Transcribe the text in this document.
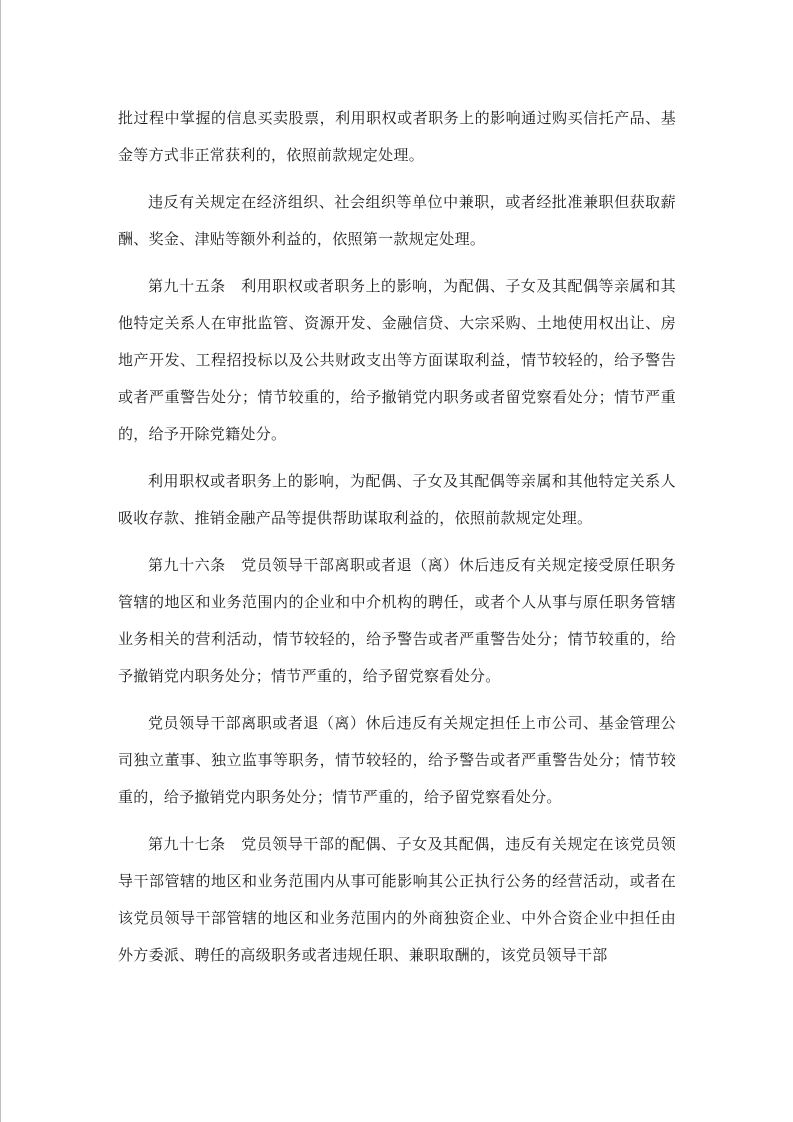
批过程中掌握的信息买卖股票，利用职权或者职务上的影响通过购买信托产品、基金等方式非正常获利的，依照前款规定处理。

违反有关规定在经济组织、社会组织等单位中兼职，或者经批准兼职但获取薪酬、奖金、津贴等额外利益的，依照第一款规定处理。

第九十五条　利用职权或者职务上的影响，为配偶、子女及其配偶等亲属和其他特定关系人在审批监管、资源开发、金融信贷、大宗采购、土地使用权出让、房地产开发、工程招投标以及公共财政支出等方面谋取利益，情节较轻的，给予警告或者严重警告处分；情节较重的，给予撤销党内职务或者留党察看处分；情节严重的，给予开除党籍处分。

利用职权或者职务上的影响，为配偶、子女及其配偶等亲属和其他特定关系人吸收存款、推销金融产品等提供帮助谋取利益的，依照前款规定处理。

第九十六条　党员领导干部离职或者退（离）休后违反有关规定接受原任职务管辖的地区和业务范围内的企业和中介机构的聘任，或者个人从事与原任职务管辖业务相关的营利活动，情节较轻的，给予警告或者严重警告处分；情节较重的，给予撤销党内职务处分；情节严重的，给予留党察看处分。

党员领导干部离职或者退（离）休后违反有关规定担任上市公司、基金管理公司独立董事、独立监事等职务，情节较轻的，给予警告或者严重警告处分；情节较重的，给予撤销党内职务处分；情节严重的，给予留党察看处分。

第九十七条　党员领导干部的配偶、子女及其配偶，违反有关规定在该党员领导干部管辖的地区和业务范围内从事可能影响其公正执行公务的经营活动，或者在该党员领导干部管辖的地区和业务范围内的外商独资企业、中外合资企业中担任由外方委派、聘任的高级职务或者违规任职、兼职取酬的，该党员领导干部
